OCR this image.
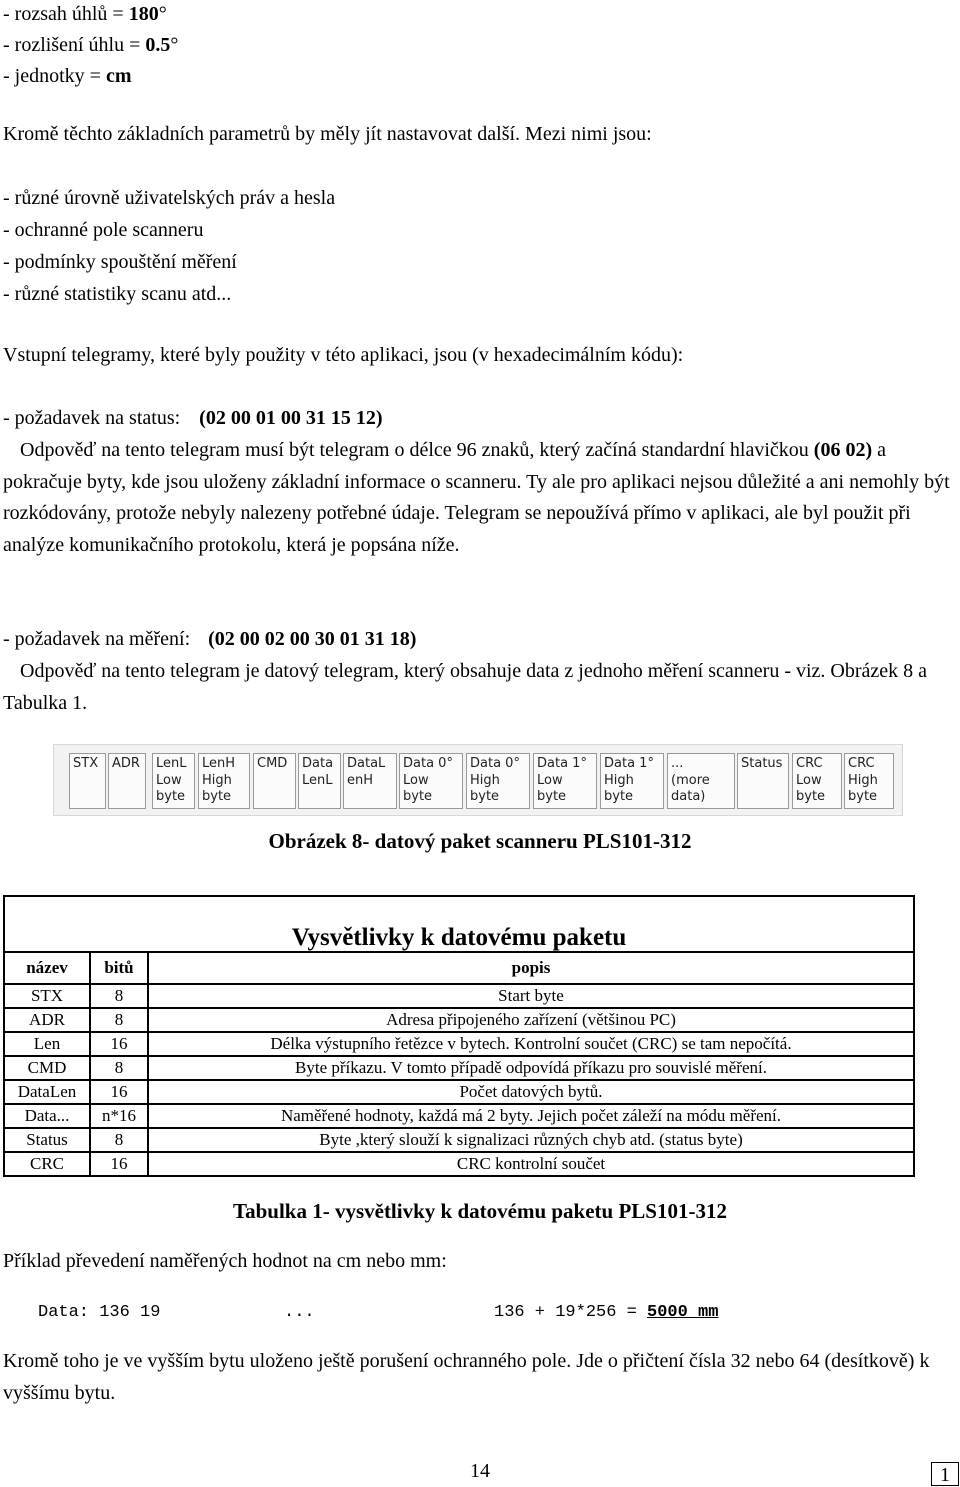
- rozsah úhlů = 180°
- rozlišení úhlu = 0.5°
- jednotky = cm
Kromě těchto základních parametrů by měly jít nastavovat další. Mezi nimi jsou:
- různé úrovně uživatelských práv a hesla
- ochranné pole scanneru
- podmínky spouštění měření
- různé statistiky scanu atd...
Vstupní telegramy, které byly použity v této aplikaci, jsou (v hexadecimálním kódu):
- požadavek na status: (02 00 01 00 31 15 12)
Odpověď na tento telegram musí být telegram o délce 96 znaků, který začíná standardní hlavičkou (06 02) a pokračuje byty, kde jsou uloženy základní informace o scanneru. Ty ale pro aplikaci nejsou důležité a ani nemohly být rozkódovány, protože nebyly nalezeny potřebné údaje. Telegram se nepoužívá přímo v aplikaci, ale byl použit při analýze komunikačního protokolu, která je popsána níže.
- požadavek na měření: (02 00 02 00 30 01 31 18)
Odpověď na tento telegram je datový telegram, který obsahuje data z jednoho měření scanneru - viz. Obrázek 8 a Tabulka 1.
STX	ADR	LenL
Low
byte
LenH
High
byte
CMD	Data
LenL
DataL
enH
Data 0°
Low
byte
Data 0°
High
byte
Data 1°
Low
byte
Data 1°
High
byte
...
(more
data)
Status	CRC
Low
byte
CRC
High
byte
Obrázek 8- datový paket scanneru PLS101-312
Vysvětlivky k datovému paketu		
název	bitů	popis
STX	8	Start byte
ADR	8	Adresa připojeného zařízení (většinou PC)
Len	16	Délka výstupního řetězce v bytech. Kontrolní součet (CRC) se tam nepočítá.
CMD	8	Byte příkazu. V tomto případě odpovídá příkazu pro souvislé měření.
DataLen	16	Počet datových bytů.
Data...	n*16	Naměřené hodnoty, každá má 2 byty. Jejich počet záleží na módu měření.
Status	8	Byte ,který slouží k signalizaci různých chyb atd. (status byte)
CRC	16	CRC kontrolní součet
Tabulka 1- vysvětlivky k datovému paketu PLS101-312
Příklad převedení naměřených hodnot na cm nebo mm:
Data: 136 19	...	136 + 19*256 = 5000 mm
Kromě toho je ve vyšším bytu uloženo ještě porušení ochranného pole. Jde o přičtení čísla 32 nebo 64 (desítkově) k vyššímu bytu.
14	1
